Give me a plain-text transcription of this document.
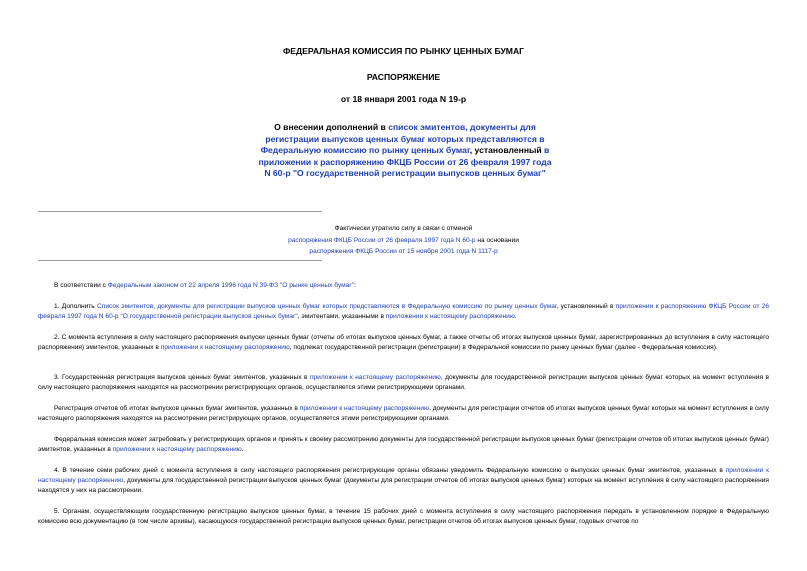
ФЕДЕРАЛЬНАЯ КОМИССИЯ ПО РЫНКУ ЦЕННЫХ БУМАГ
РАСПОРЯЖЕНИЕ
от 18 января 2001 года N 19-р
О внесении дополнений в список эмитентов, документы для регистрации выпусков ценных бумаг которых представляются в Федеральную комиссию по рынку ценных бумаг, установленный в приложении к распоряжению ФКЦБ России от 26 февраля 1997 года N 60-р "О государственной регистрации выпусков ценных бумаг"
Фактически утратило силу в связи с отменой
распоряжения ФКЦБ России от 26 февраля 1997 года N 60-р на основании
распоряжения ФКЦБ России от 15 ноября 2001 года N 1117-р

В соответствии с Федеральным законом от 22 апреля 1996 года N 39-ФЗ "О рынке ценных бумаг":

1. Дополнить Список эмитентов, документы для регистрации выпусков ценных бумаг которых представляются в Федеральную комиссию по рынку ценных бумаг, установленный в приложении к распоряжению ФКЦБ России от 26 февраля 1997 года N 60-р "О государственной регистрации выпусков ценных бумаг", эмитентами, указанными в приложении к настоящему распоряжению.

2. С момента вступления в силу настоящего распоряжения выпуски ценных бумаг (отчеты об итогах выпусков ценных бумаг, а также отчеты об итогах выпусков ценных бумаг, зарегистрированных до вступления в силу настоящего распоряжения) эмитентов, указанных в приложении к настоящему распоряжению, подлежат государственной регистрации (регистрации) в Федеральной комиссии по рынку ценных бумаг (далее - Федеральная комиссия).

3. Государственная регистрация выпусков ценных бумаг эмитентов, указанных в приложении к настоящему распоряжению, документы для государственной регистрации выпусков ценных бумаг которых на момент вступления в силу настоящего распоряжения находятся на рассмотрении регистрирующих органов, осуществляется этими регистрирующими органами.

Регистрация отчетов об итогах выпусков ценных бумаг эмитентов, указанных в приложении к настоящему распоряжению, документы для регистрации отчетов об итогах выпусков ценных бумаг которых на момент вступления в силу настоящего распоряжения находятся на рассмотрении регистрирующих органов, осуществляется этими регистрирующими органами.

Федеральная комиссия может затребовать у регистрирующих органов и принять к своему рассмотрению документы для государственной регистрации выпусков ценных бумаг (регистрации отчетов об итогах выпусков ценных бумаг) эмитентов, указанных в приложении к настоящему распоряжению.

4. В течение семи рабочих дней с момента вступления в силу настоящего распоряжения регистрирующие органы обязаны уведомить Федеральную комиссию о выпусках ценных бумаг эмитентов, указанных в приложении к настоящему распоряжению, документы для государственной регистрации выпусков ценных бумаг (документы для регистрации отчетов об итогах выпусков ценных бумаг) которых на момент вступления в силу настоящего распоряжения находятся у них на рассмотрении.

5. Органам, осуществляющим государственную регистрацию выпусков ценных бумаг, в течение 15 рабочих дней с момента вступления в силу настоящего распоряжения передать в установленном порядке в Федеральную комиссию всю документацию (в том числе архивы), касающуюся государственной регистрации выпусков ценных бумаг, регистрации отчетов об итогах выпусков ценных бумаг, годовых отчетов по
